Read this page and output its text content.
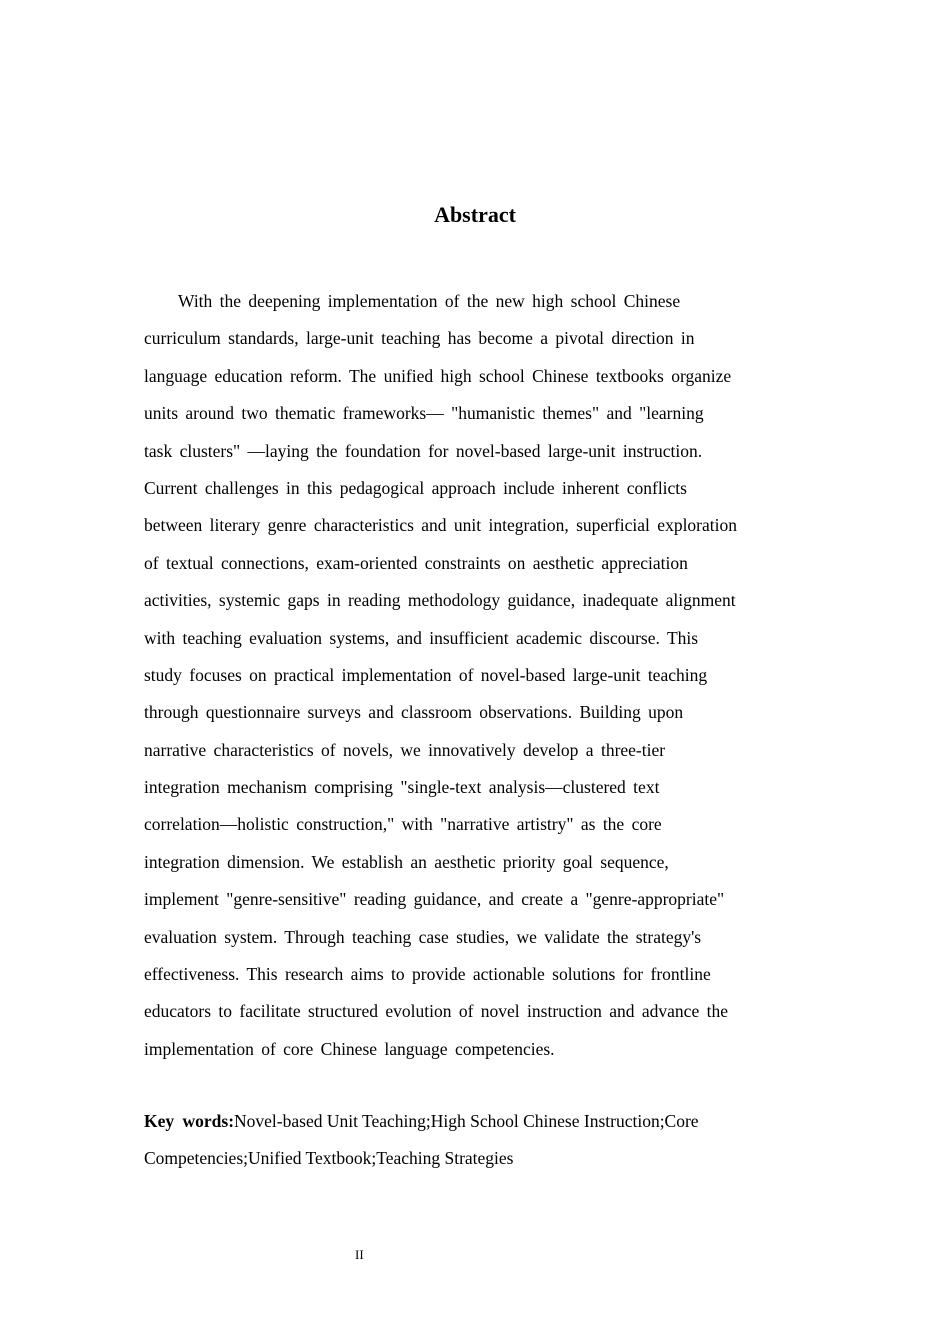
Abstract
With the deepening implementation of the new high school Chinese
curriculum standards, large-unit teaching has become a pivotal direction in
language education reform. The unified high school Chinese textbooks organize
units around two thematic frameworks— "humanistic themes" and "learning
task clusters" —laying the foundation for novel-based large-unit instruction.
Current challenges in this pedagogical approach include inherent conflicts
between literary genre characteristics and unit integration, superficial exploration
of textual connections, exam-oriented constraints on aesthetic appreciation
activities, systemic gaps in reading methodology guidance, inadequate alignment
with teaching evaluation systems, and insufficient academic discourse. This
study focuses on practical implementation of novel-based large-unit teaching
through questionnaire surveys and classroom observations. Building upon
narrative characteristics of novels, we innovatively develop a three-tier
integration mechanism comprising "single-text analysis—clustered text
correlation—holistic construction," with "narrative artistry" as the core
integration dimension. We establish an aesthetic priority goal sequence,
implement "genre-sensitive" reading guidance, and create a "genre-appropriate"
evaluation system. Through teaching case studies, we validate the strategy's
effectiveness. This research aims to provide actionable solutions for frontline
educators to facilitate structured evolution of novel instruction and advance the
implementation of core Chinese language competencies.
Key words:Novel-based Unit Teaching;High School Chinese Instruction;Core
Competencies;Unified Textbook;Teaching Strategies
II
